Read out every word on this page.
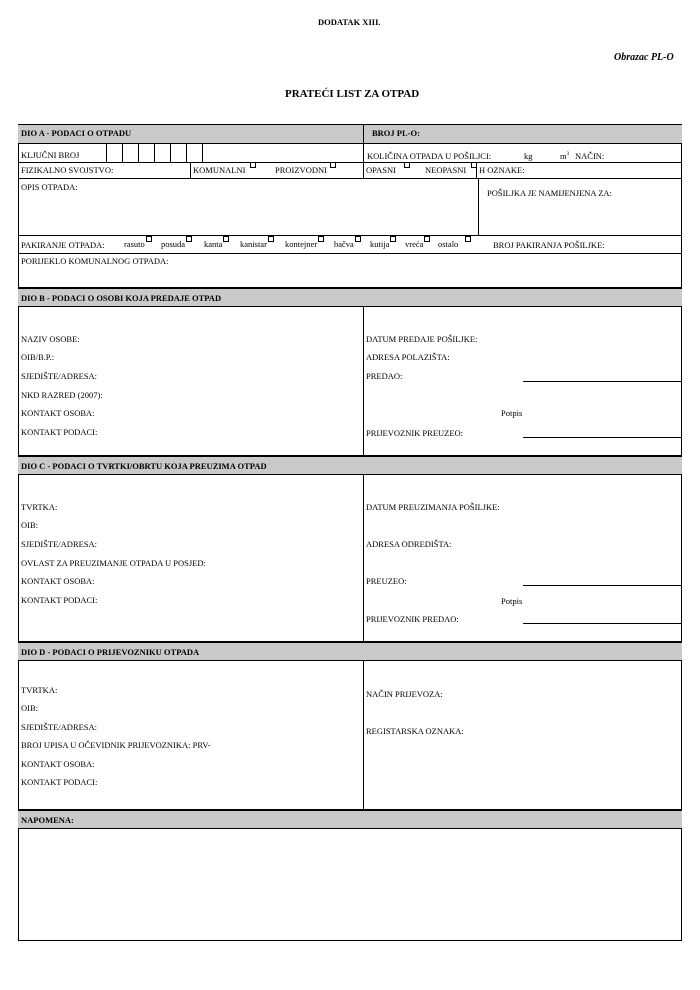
DODATAK XIII.
Obrazac PL-O
PRATEĆI LIST ZA OTPAD
DIO A - PODACI O OTPADU	BROJ PL-O:
KLJUČNI BROJ	KOLIČINA OTPADA U POŠILJCI:	kg	$m^3$ NAČIN:
FIZIKALNO SVOJSTVO:	KOMUNALNI	PROIZVODNI	OPASNI	NEOPASNI	H OZNAKE:
OPIS OTPADA:
POŠILJKA JE NAMIJENJENA ZA:
PAKIRANJE OTPADA: rasuto	posuda	kanta	kanistar	kontejner	bačva	kutija	vreća	ostalo	BROJ PAKIRANJA POŠILJKE:
PORIJEKLO KOMUNALNOG OTPADA:
DIO B - PODACI O OSOBI KOJA PREDAJE OTPAD
NAZIV OSOBE:
OIB/B.P.:
SJEDIŠTE/ADRESA:
NKD RAZRED (2007):
KONTAKT OSOBA:
KONTAKT PODACI:
DATUM PREDAJE POŠILJKE:
ADRESA POLAZIŠTA:
PREDAO:
Potpis
PRIJEVOZNIK PREUZEO:
DIO C - PODACI O TVRTKI/OBRTU KOJA PREUZIMA OTPAD
TVRTKA:
OIB:
SJEDIŠTE/ADRESA:
OVLAST ZA PREUZIMANJE OTPADA U POSJED:
KONTAKT OSOBA:
KONTAKT PODACI:
DATUM PREUZIMANJA POŠILJKE:
ADRESA ODREDIŠTA:
PREUZEO:
Potpis
PRIJEVOZNIK PREDAO:
DIO D - PODACI O PRIJEVOZNIKU OTPADA
TVRTKA:
OIB:
SJEDIŠTE/ADRESA:
BROJ UPISA U OČEVIDNIK PRIJEVOZNIKA: PRV-
KONTAKT OSOBA:
KONTAKT PODACI:
NAČIN PRIJEVOZA:
REGISTARSKA OZNAKA:
NAPOMENA:
